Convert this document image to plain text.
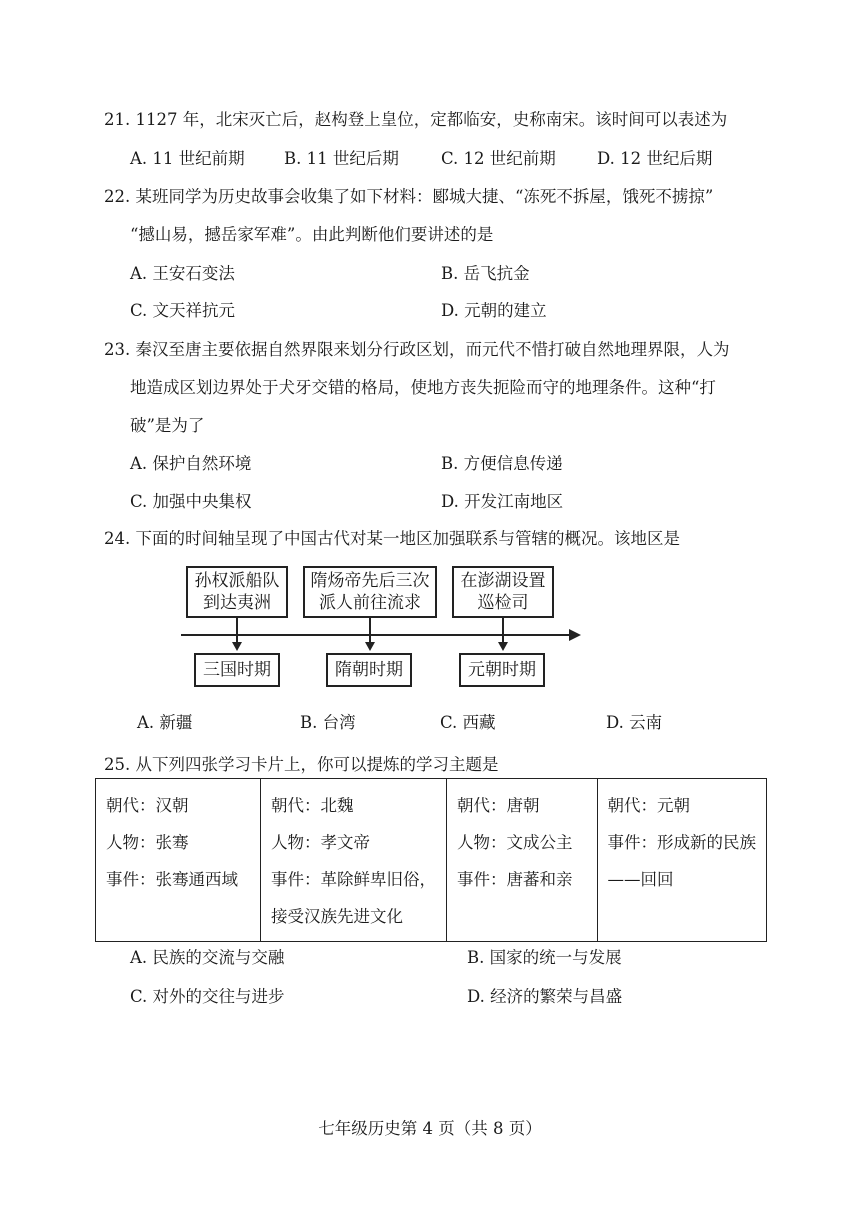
21. 1127 年，北宋灭亡后，赵构登上皇位，定都临安，史称南宋。该时间可以表述为
A. 11 世纪前期 B. 11 世纪后期	C. 12 世纪前期 D. 12 世纪后期
22. 某班同学为历史故事会收集了如下材料：郾城大捷、“冻死不拆屋，饿死不掳掠”
“撼山易，撼岳家军难”。由此判断他们要讲述的是
A. 王安石变法	B. 岳飞抗金
C. 文天祥抗元	D. 元朝的建立
23. 秦汉至唐主要依据自然界限来划分行政区划，而元代不惜打破自然地理界限，人为
地造成区划边界处于犬牙交错的格局，使地方丧失扼险而守的地理条件。这种“打
破”是为了
A. 保护自然环境	B. 方便信息传递
C. 加强中央集权	D. 开发江南地区
24. 下面的时间轴呈现了中国古代对某一地区加强联系与管辖的概况。该地区是
孙权派船队
到达夷洲
隋炀帝先后三次
派人前往流求
在澎湖设置
巡检司
三国时期	隋朝时期	元朝时期
A. 新疆	B. 台湾	C. 西藏	D. 云南
25. 从下列四张学习卡片上，你可以提炼的学习主题是
朝代：汉朝
人物：张骞
事件：张骞通西域

朝代：北魏
人物：孝文帝
事件：革除鲜卑旧俗，
接受汉族先进文化

朝代：唐朝
人物：文成公主
事件：唐蕃和亲

朝代：元朝
事件：形成新的民族
——回回
A. 民族的交流与交融	B. 国家的统一与发展
C. 对外的交往与进步	D. 经济的繁荣与昌盛
七年级历史第 4 页（共 8 页）
